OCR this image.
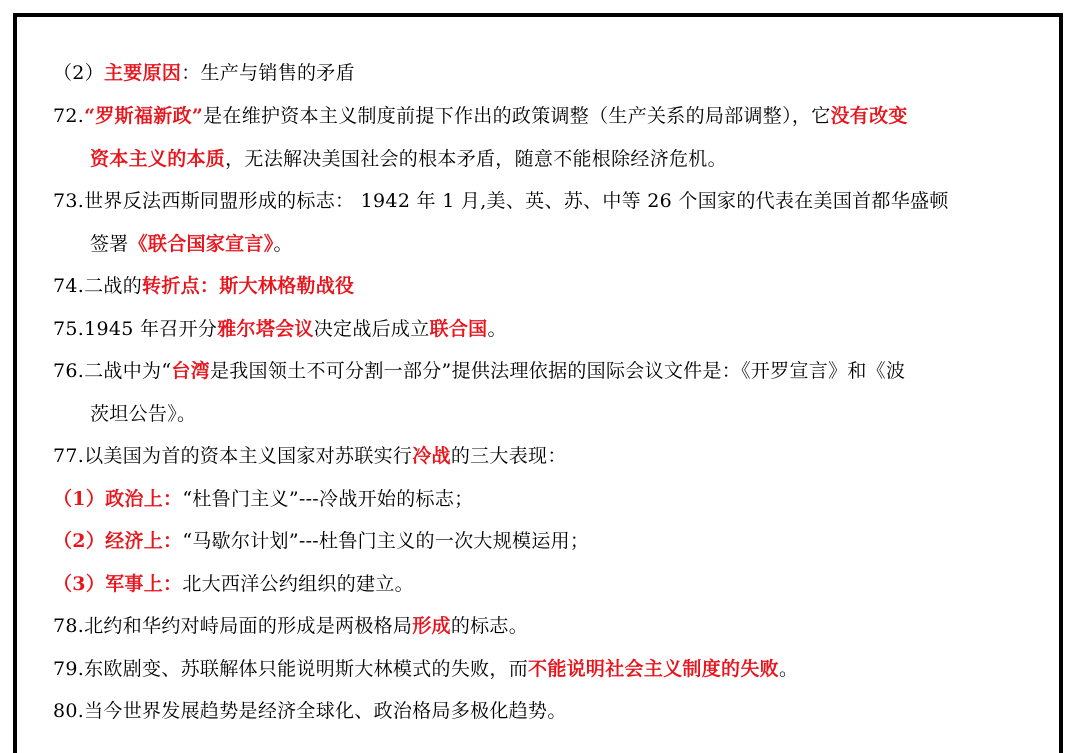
（2）主要原因：生产与销售的矛盾
72.“罗斯福新政”是在维护资本主义制度前提下作出的政策调整（生产关系的局部调整），它没有改变
资本主义的本质，无法解决美国社会的根本矛盾，随意不能根除经济危机。
73.世界反法西斯同盟形成的标志： 1942 年 1 月,美、英、苏、中等 26 个国家的代表在美国首都华盛顿
签署《联合国家宣言》。
74.二战的转折点：斯大林格勒战役
75.1945 年召开分雅尔塔会议决定战后成立联合国。
76.二战中为“台湾是我国领土不可分割一部分”提供法理依据的国际会议文件是：《开罗宣言》和《波
茨坦公告》。
77.以美国为首的资本主义国家对苏联实行冷战的三大表现：
（1）政治上：“杜鲁门主义”---冷战开始的标志；
（2）经济上：“马歇尔计划”---杜鲁门主义的一次大规模运用；
（3）军事上：北大西洋公约组织的建立。
78.北约和华约对峙局面的形成是两极格局形成的标志。
79.东欧剧变、苏联解体只能说明斯大林模式的失败，而不能说明社会主义制度的失败。
80.当今世界发展趋势是经济全球化、政治格局多极化趋势。
